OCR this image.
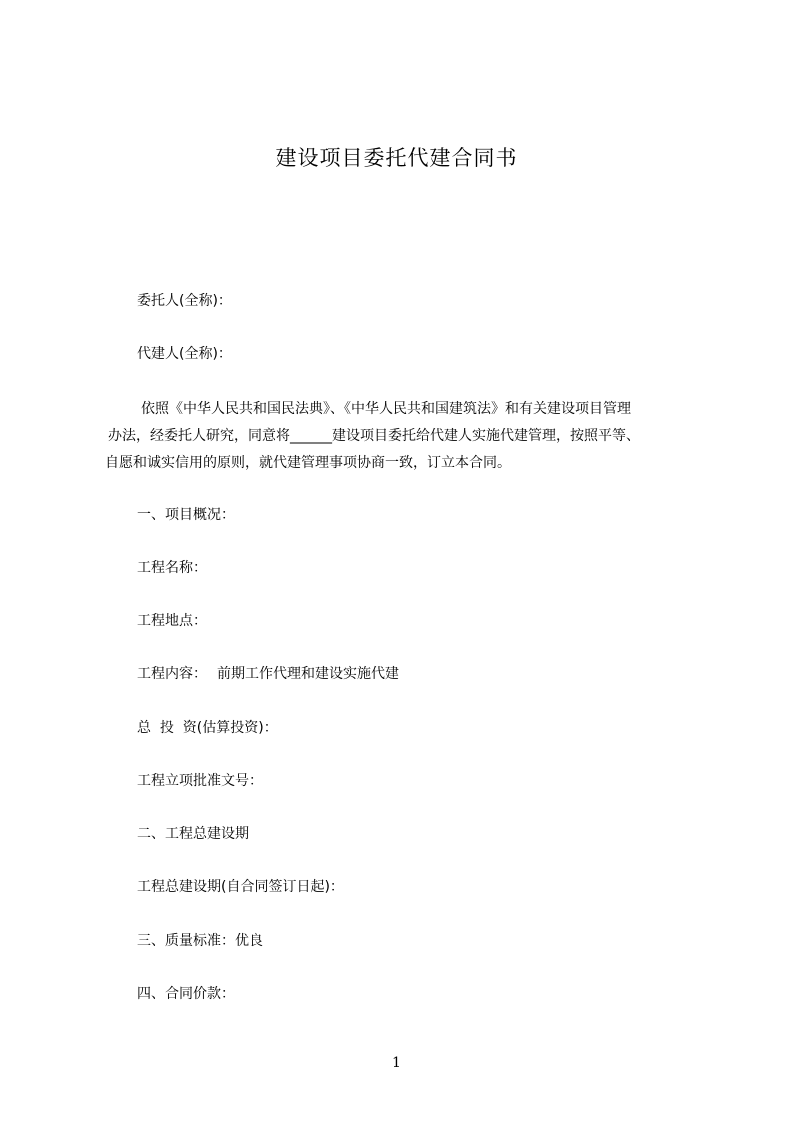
建设项目委托代建合同书
委托人(全称)：
代建人(全称)：
依照《中华人民共和国民法典》、《中华人民共和国建筑法》和有关建设项目管理
办法，经委托人研究，同意将______建设项目委托给代建人实施代建管理，按照平等、
自愿和诚实信用的原则，就代建管理事项协商一致，订立本合同。
一、项目概况：
工程名称：
工程地点：
工程内容： 前期工作代理和建设实施代建
总  投  资(估算投资)：
工程立项批准文号：
二、工程总建设期
工程总建设期(自合同签订日起)：
三、质量标准：优良
四、合同价款：
1
